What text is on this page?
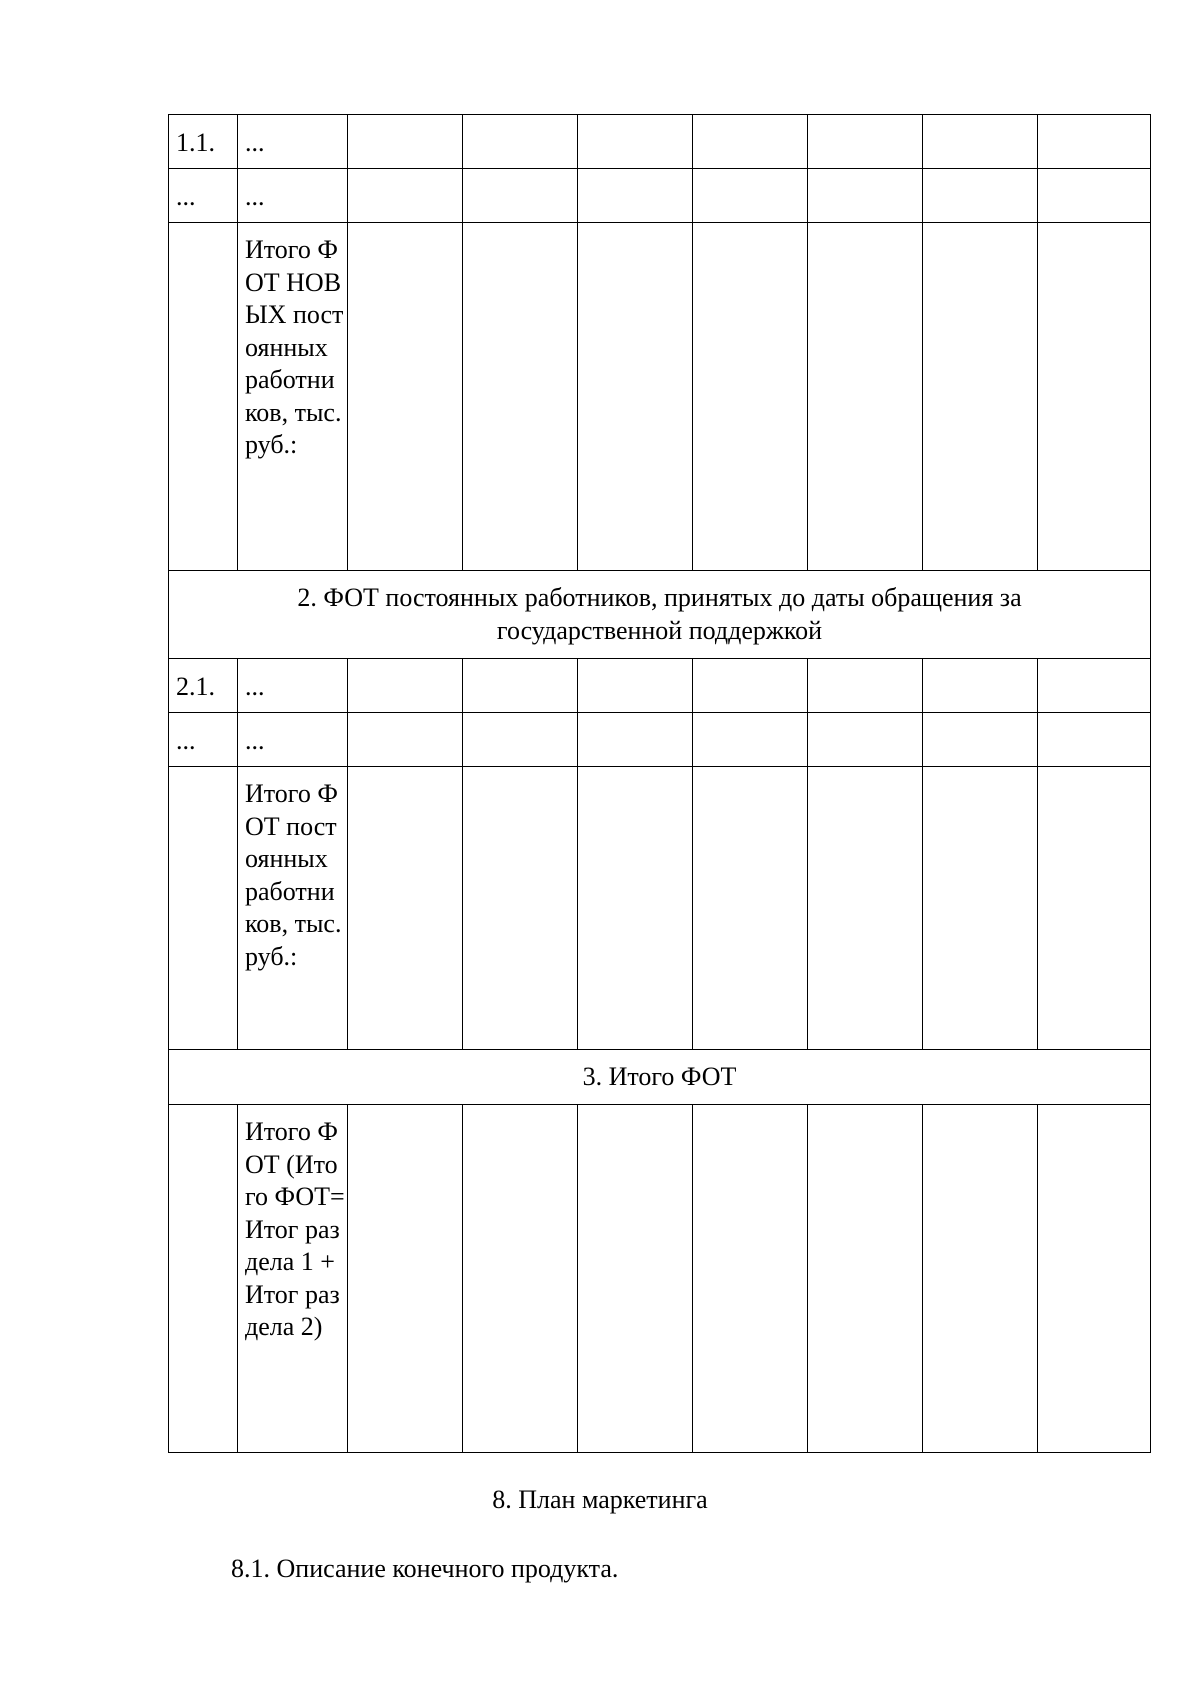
1.1.	...							
...	...							
	Итого ФОТ НОВЫХ постоянных работников, тыс. руб.:							
2. ФОТ постоянных работников, принятых до даты обращения за государственной поддержкой								
2.1.	...							
...	...							
	Итого ФОТ постоянных работников, тыс. руб.:							
3. Итого ФОТ								
	Итого ФОТ (Итого ФОТ= Итог раздела 1 + Итог раздела 2)							
8. План маркетинга
8.1. Описание конечного продукта.
